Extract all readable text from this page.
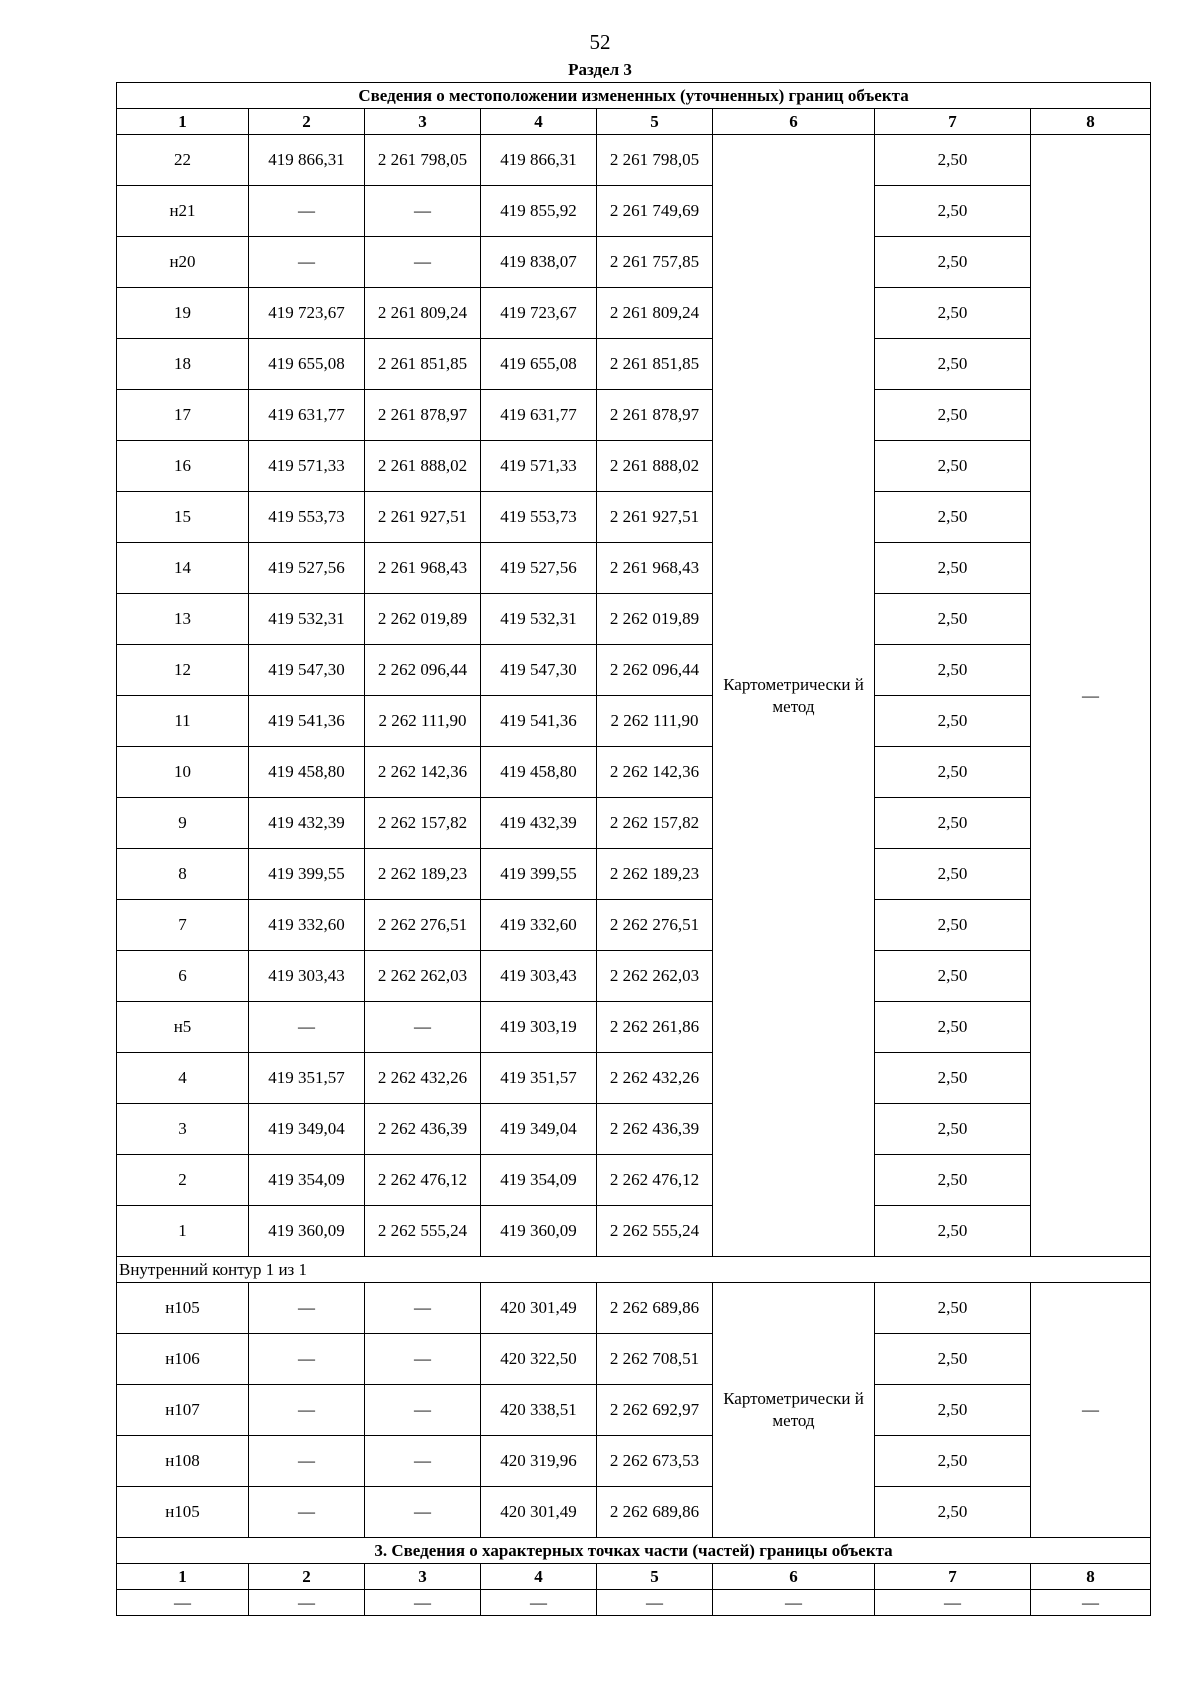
52
Раздел 3
Сведения о местоположении измененных (уточненных) границ объекта							
1	2	3	4	5	6	7	8
22	419 866,31	2 261 798,05	419 866,31	2 261 798,05	Картометрически й метод	2,50	—
н21	—	—	419 855,92	2 261 749,69		2,50	
н20	—	—	419 838,07	2 261 757,85		2,50	
19	419 723,67	2 261 809,24	419 723,67	2 261 809,24		2,50	
18	419 655,08	2 261 851,85	419 655,08	2 261 851,85		2,50	
17	419 631,77	2 261 878,97	419 631,77	2 261 878,97		2,50	
16	419 571,33	2 261 888,02	419 571,33	2 261 888,02		2,50	
15	419 553,73	2 261 927,51	419 553,73	2 261 927,51		2,50	
14	419 527,56	2 261 968,43	419 527,56	2 261 968,43		2,50	
13	419 532,31	2 262 019,89	419 532,31	2 262 019,89		2,50	
12	419 547,30	2 262 096,44	419 547,30	2 262 096,44		2,50	
11	419 541,36	2 262 111,90	419 541,36	2 262 111,90		2,50	
10	419 458,80	2 262 142,36	419 458,80	2 262 142,36		2,50	
9	419 432,39	2 262 157,82	419 432,39	2 262 157,82		2,50	
8	419 399,55	2 262 189,23	419 399,55	2 262 189,23		2,50	
7	419 332,60	2 262 276,51	419 332,60	2 262 276,51		2,50	
6	419 303,43	2 262 262,03	419 303,43	2 262 262,03		2,50	
н5	—	—	419 303,19	2 262 261,86		2,50	
4	419 351,57	2 262 432,26	419 351,57	2 262 432,26		2,50	
3	419 349,04	2 262 436,39	419 349,04	2 262 436,39		2,50	
2	419 354,09	2 262 476,12	419 354,09	2 262 476,12		2,50	
1	419 360,09	2 262 555,24	419 360,09	2 262 555,24		2,50	
Внутренний контур 1 из 1							
н105	—	—	420 301,49	2 262 689,86	Картометрически й метод	2,50	—
н106	—	—	420 322,50	2 262 708,51		2,50	
н107	—	—	420 338,51	2 262 692,97		2,50	
н108	—	—	420 319,96	2 262 673,53		2,50	
н105	—	—	420 301,49	2 262 689,86		2,50	
3. Сведения о характерных точках части (частей) границы объекта							
1	2	3	4	5	6	7	8
—	—	—	—	—	—	—	—
